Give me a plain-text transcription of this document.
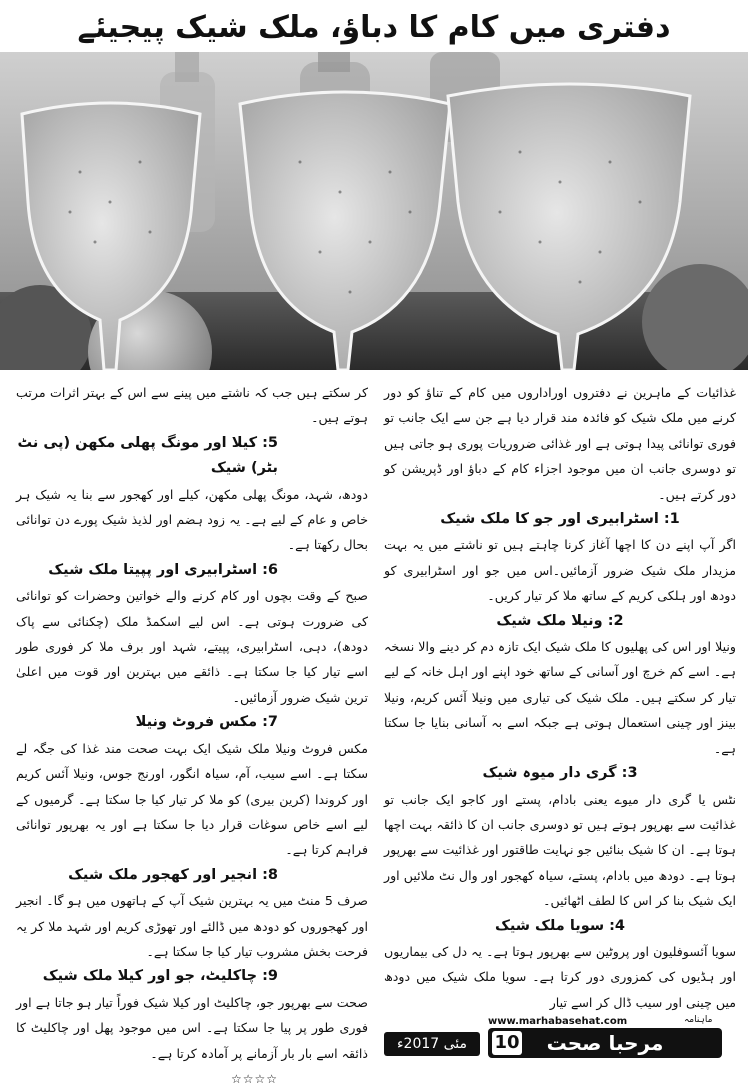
دفتری میں کام کا دباؤ، ملک شیک پیجیئے

غذائیات کے ماہرین نے دفتروں اوراداروں میں کام کے تناؤ کو دور کرنے میں ملک شیک کو فائدہ مند قرار دیا ہے جن سے ایک جانب تو فوری توانائی پیدا ہوتی ہے اور غذائی ضروریات پوری ہو جاتی ہیں تو دوسری جانب ان میں موجود اجزاء کام کے دباؤ اور ڈپریشن کو دور کرتے ہیں۔

1: اسٹرابیری اور جو کا ملک شیک

اگر آپ اپنے دن کا اچھا آغاز کرنا چاہتے ہیں تو ناشتے میں یہ بہت مزیدار ملک شیک ضرور آزمائیں۔اس میں جو اور اسٹرابیری کو دودھ اور ہلکی کریم کے ساتھ ملا کر تیار کریں۔

2: ونیلا ملک شیک

ونیلا اور اس کی پھلیوں کا ملک شیک ایک تازہ دم کر دینے والا نسخہ ہے۔ اسے کم خرچ اور آسانی کے ساتھ خود اپنے اور اہل خانہ کے لیے تیار کر سکتے ہیں۔ ملک شیک کی تیاری میں ونیلا آئس کریم، ونیلا بینز اور چینی استعمال ہوتی ہے جبکہ اسے بہ آسانی بنایا جا سکتا ہے۔

3: گری دار میوہ شیک

نٹس یا گری دار میوے یعنی بادام، پستے اور کاجو ایک جانب تو غذائیت سے بھرپور ہوتے ہیں تو دوسری جانب ان کا ذائقہ بہت اچھا ہوتا ہے۔ ان کا شیک بنائیں جو نہایت طاقتور اور غذائیت سے بھرپور ہوتا ہے۔ دودھ میں بادام، پستے، سیاہ کھجور اور وال نٹ ملائیں اور ایک شیک بنا کر اس کا لطف اٹھائیں۔

4: سویا ملک شیک

سویا آئسوفلیون اور پروٹین سے بھرپور ہوتا ہے۔ یہ دل کی بیماریوں اور ہڈیوں کی کمزوری دور کرتا ہے۔ سویا ملک شیک میں دودھ میں چینی اور سیب ڈال کر اسے تیار

کر سکتے ہیں جب کہ ناشتے میں پینے سے اس کے بہتر اثرات مرتب ہوتے ہیں۔

5: کیلا اور مونگ پھلی مکھن (پی نٹ بٹر) شیک

دودھ، شہد، مونگ پھلی مکھن، کیلے اور کھجور سے بنا یہ شیک ہر خاص و عام کے لیے ہے۔ یہ زود ہضم اور لذیذ شیک پورے دن توانائی بحال رکھتا ہے۔

6: اسٹرابیری اور پپیتا ملک شیک

صبح کے وقت بچوں اور کام کرنے والے خواتین وحضرات کو توانائی کی ضرورت ہوتی ہے۔ اس لیے اسکمڈ ملک (چکنائی سے پاک دودھ)، دہی، اسٹرابیری، پپیتے، شہد اور برف ملا کر فوری طور اسے تیار کیا جا سکتا ہے۔ ذائقے میں بہترین اور قوت میں اعلیٰ ترین شیک ضرور آزمائیں۔

7: مکس فروٹ ونیلا

مکس فروٹ ونیلا ملک شیک ایک بہت صحت مند غذا کی جگہ لے سکتا ہے۔ اسے سیب، آم، سیاہ انگور، اورنج جوس، ونیلا آئس کریم اور کروندا (کرین بیری) کو ملا کر تیار کیا جا سکتا ہے۔ گرمیوں کے لیے اسے خاص سوغات قرار دیا جا سکتا ہے اور یہ بھرپور توانائی فراہم کرتا ہے۔

8: انجیر اور کھجور ملک شیک

صرف 5 منٹ میں یہ بہترین شیک آپ کے ہاتھوں میں ہو گا۔ انجیر اور کھجوروں کو دودھ میں ڈالئے اور تھوڑی کریم اور شہد ملا کر یہ فرحت بخش مشروب تیار کیا جا سکتا ہے۔

9: چاکلیٹ، جو اور کیلا ملک شیک

صحت سے بھرپور جو، چاکلیٹ اور کیلا شیک فوراً تیار ہو جاتا ہے اور فوری طور پر پیا جا سکتا ہے۔ اس میں موجود پھل اور چاکلیٹ کا ذائقہ اسے بار بار آزمانے پر آمادہ کرتا ہے۔

☆☆☆☆
www.marhabasehat.com	ماہنامہ
مرحبا صحت
10
مئی 2017ء
